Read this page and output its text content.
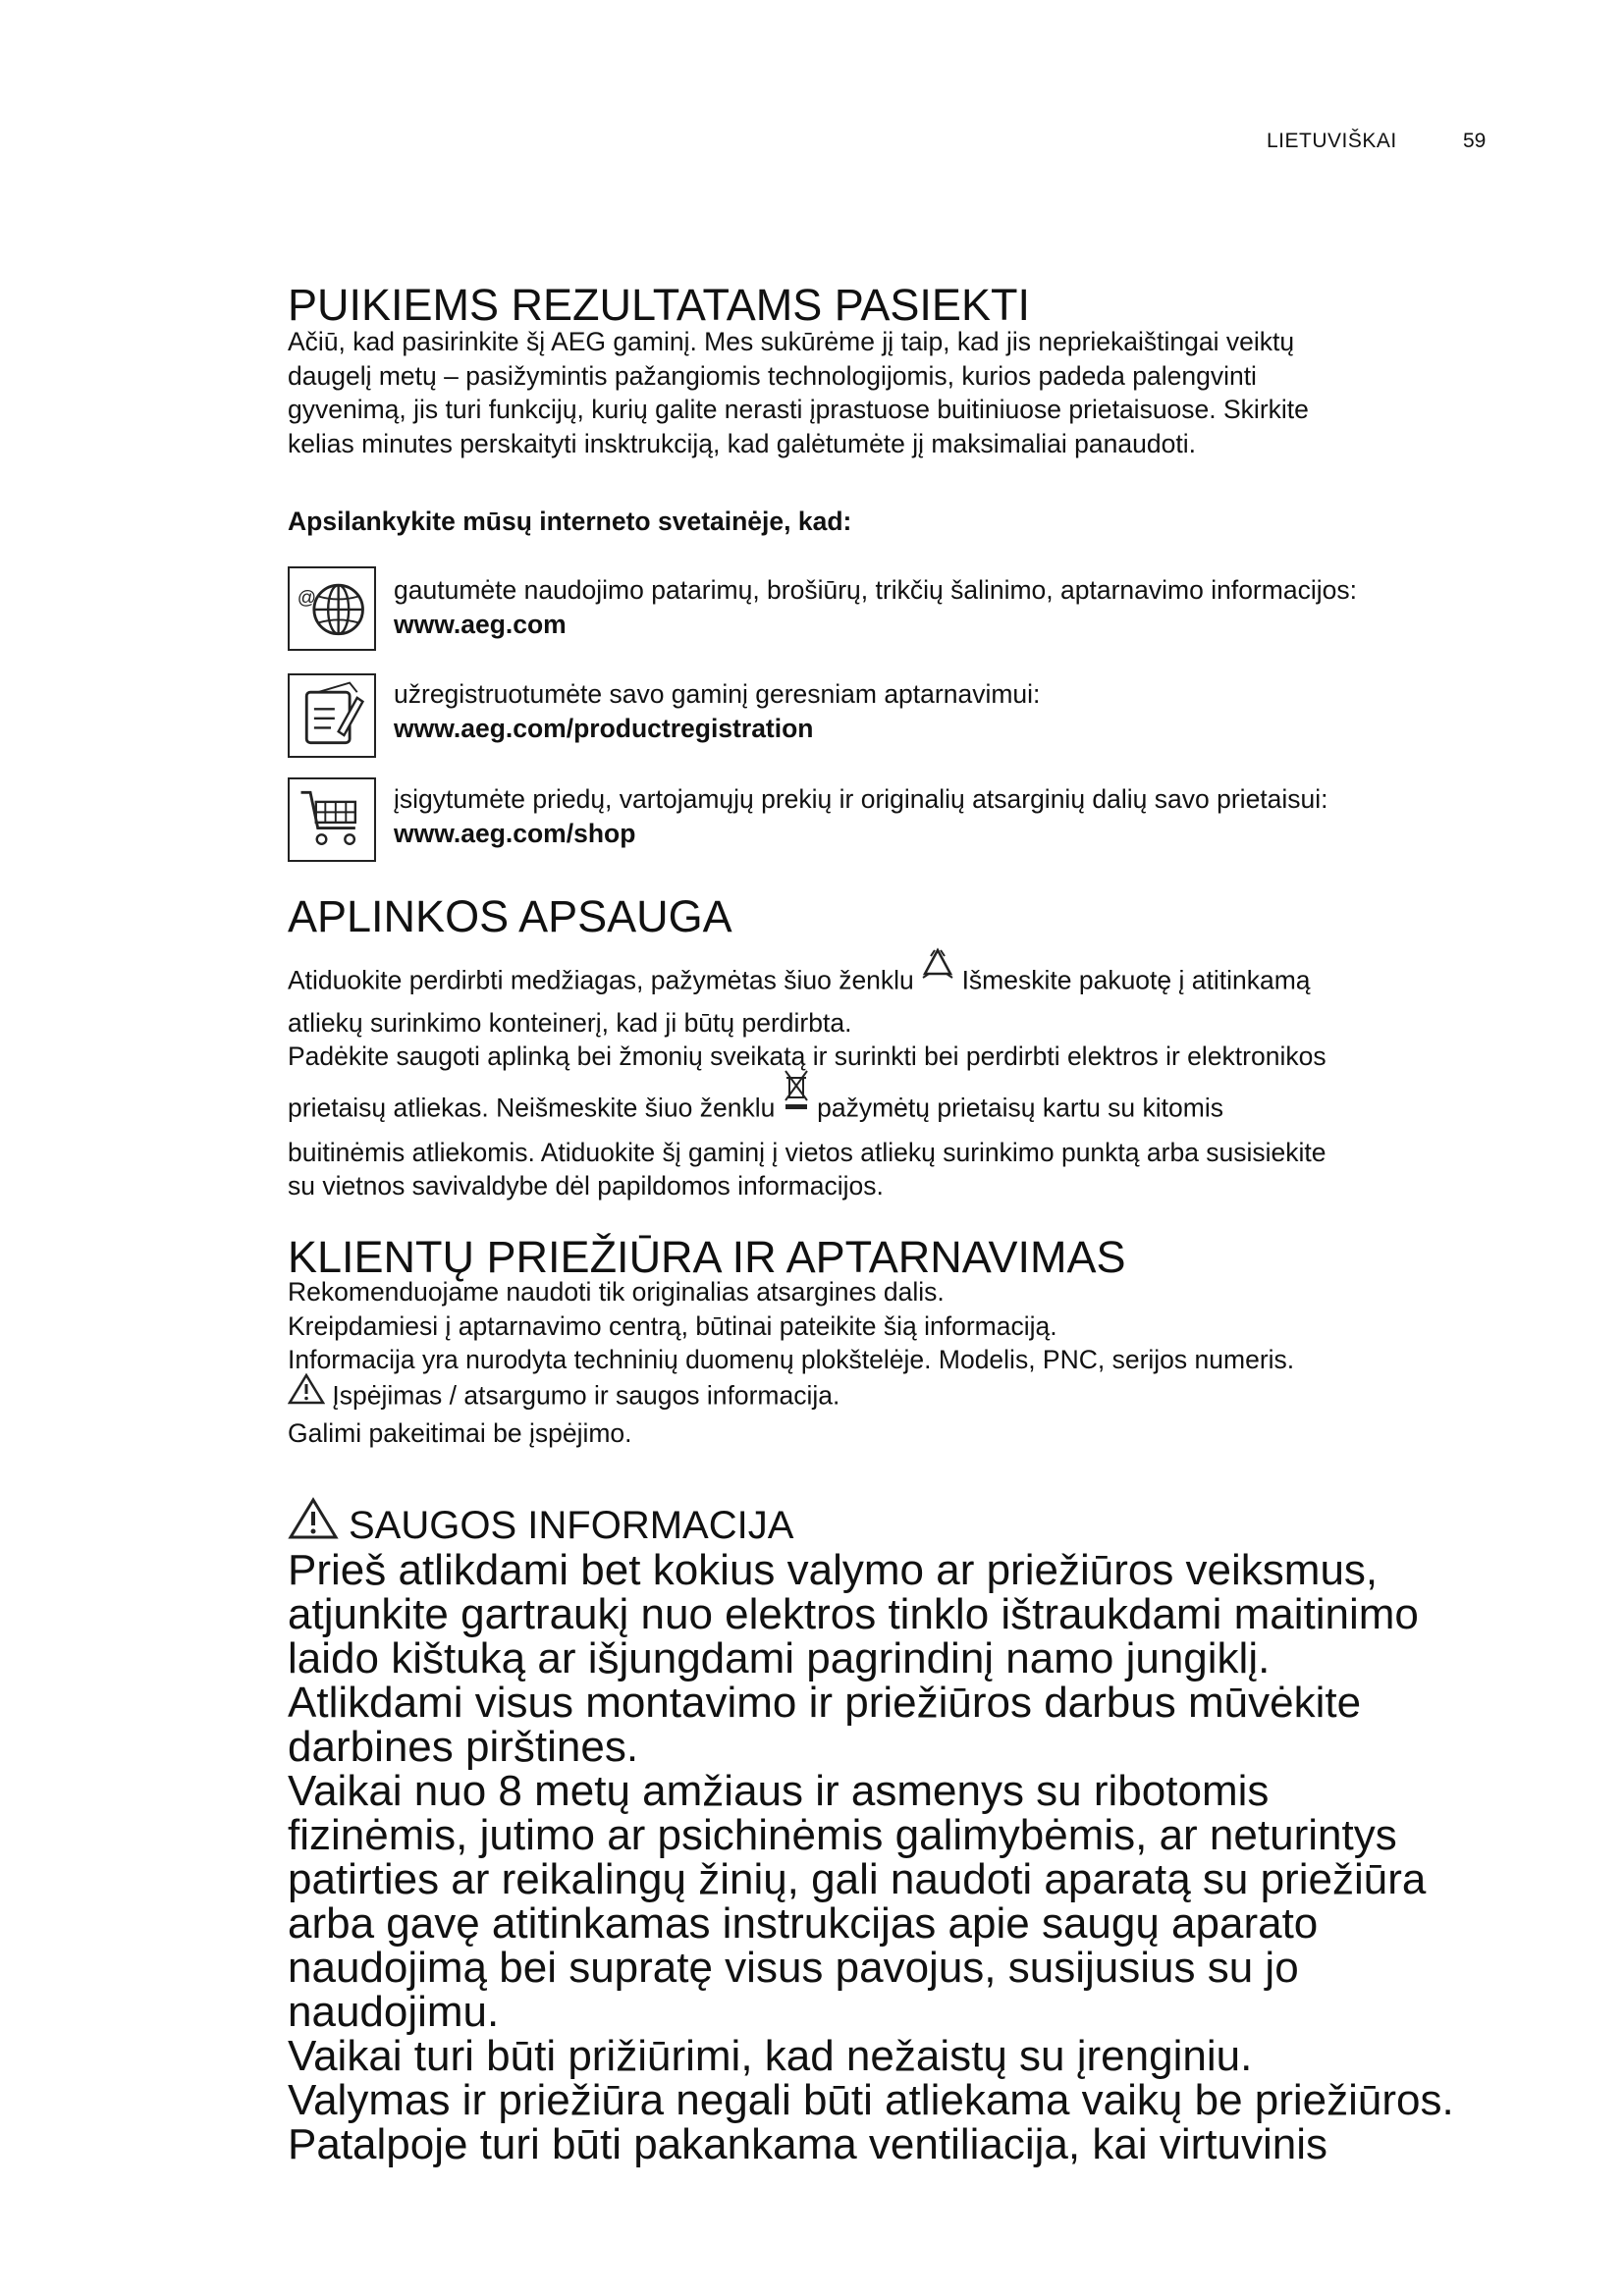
LIETUVIŠKAI	59
PUIKIEMS REZULTATAMS PASIEKTI

Ačiū, kad pasirinkite šį AEG gaminį. Mes sukūrėme jį taip, kad jis nepriekaištingai veiktų

daugelį metų – pasižymintis pažangiomis technologijomis, kurios padeda palengvinti

gyvenimą, jis turi funkcijų, kurių galite nerasti įprastuose buitiniuose prietaisuose. Skirkite

kelias minutes perskaityti insktrukciją, kad galėtumėte jį maksimaliai panaudoti.

Apsilankykite mūsų interneto svetainėje, kad:
@	gautumėte naudojimo patarimų, brošiūrų, trikčių šalinimo, aptarnavimo informacijos:
www.aeg.com
užregistruotumėte savo gaminį geresniam aptarnavimui:
www.aeg.com/productregistration
įsigytumėte priedų, vartojamųjų prekių ir originalių atsarginių dalių savo prietaisui:
www.aeg.com/shop
APLINKOS APSAUGA

Atiduokite perdirbti medžiagas, pažymėtas šiuo ženklu Išmeskite pakuotę į atitinkamą

atliekų surinkimo konteinerį, kad ji būtų perdirbta.

Padėkite saugoti aplinką bei žmonių sveikatą ir surinkti bei perdirbti elektros ir elektronikos

prietaisų atliekas. Neišmeskite šiuo ženklu pažymėtų prietaisų kartu su kitomis

buitinėmis atliekomis. Atiduokite šį gaminį į vietos atliekų surinkimo punktą arba susisiekite

su vietnos savivaldybe dėl papildomos informacijos.

KLIENTŲ PRIEŽIŪRA IR APTARNAVIMAS

Rekomenduojame naudoti tik originalias atsargines dalis.

Kreipdamiesi į aptarnavimo centrą, būtinai pateikite šią informaciją.

Informacija yra nurodyta techninių duomenų plokštelėje. Modelis, PNC, serijos numeris.

Įspėjimas / atsargumo ir saugos informacija.

Galimi pakeitimai be įspėjimo.

SAUGOS INFORMACIJA

Prieš atlikdami bet kokius valymo ar priežiūros veiksmus,

atjunkite gartraukį nuo elektros tinklo ištraukdami maitinimo

laido kištuką ar išjungdami pagrindinį namo jungiklį.

Atlikdami visus montavimo ir priežiūros darbus mūvėkite

darbines pirštines.

Vaikai nuo 8 metų amžiaus ir asmenys su ribotomis

fizinėmis, jutimo ar psichinėmis galimybėmis, ar neturintys

patirties ar reikalingų žinių, gali naudoti aparatą su priežiūra

arba gavę atitinkamas instrukcijas apie saugų aparato

naudojimą bei supratę visus pavojus, susijusius su jo

naudojimu.

Vaikai turi būti prižiūrimi, kad nežaistų su įrenginiu.

Valymas ir priežiūra negali būti atliekama vaikų be priežiūros.

Patalpoje turi būti pakankama ventiliacija, kai virtuvinis
